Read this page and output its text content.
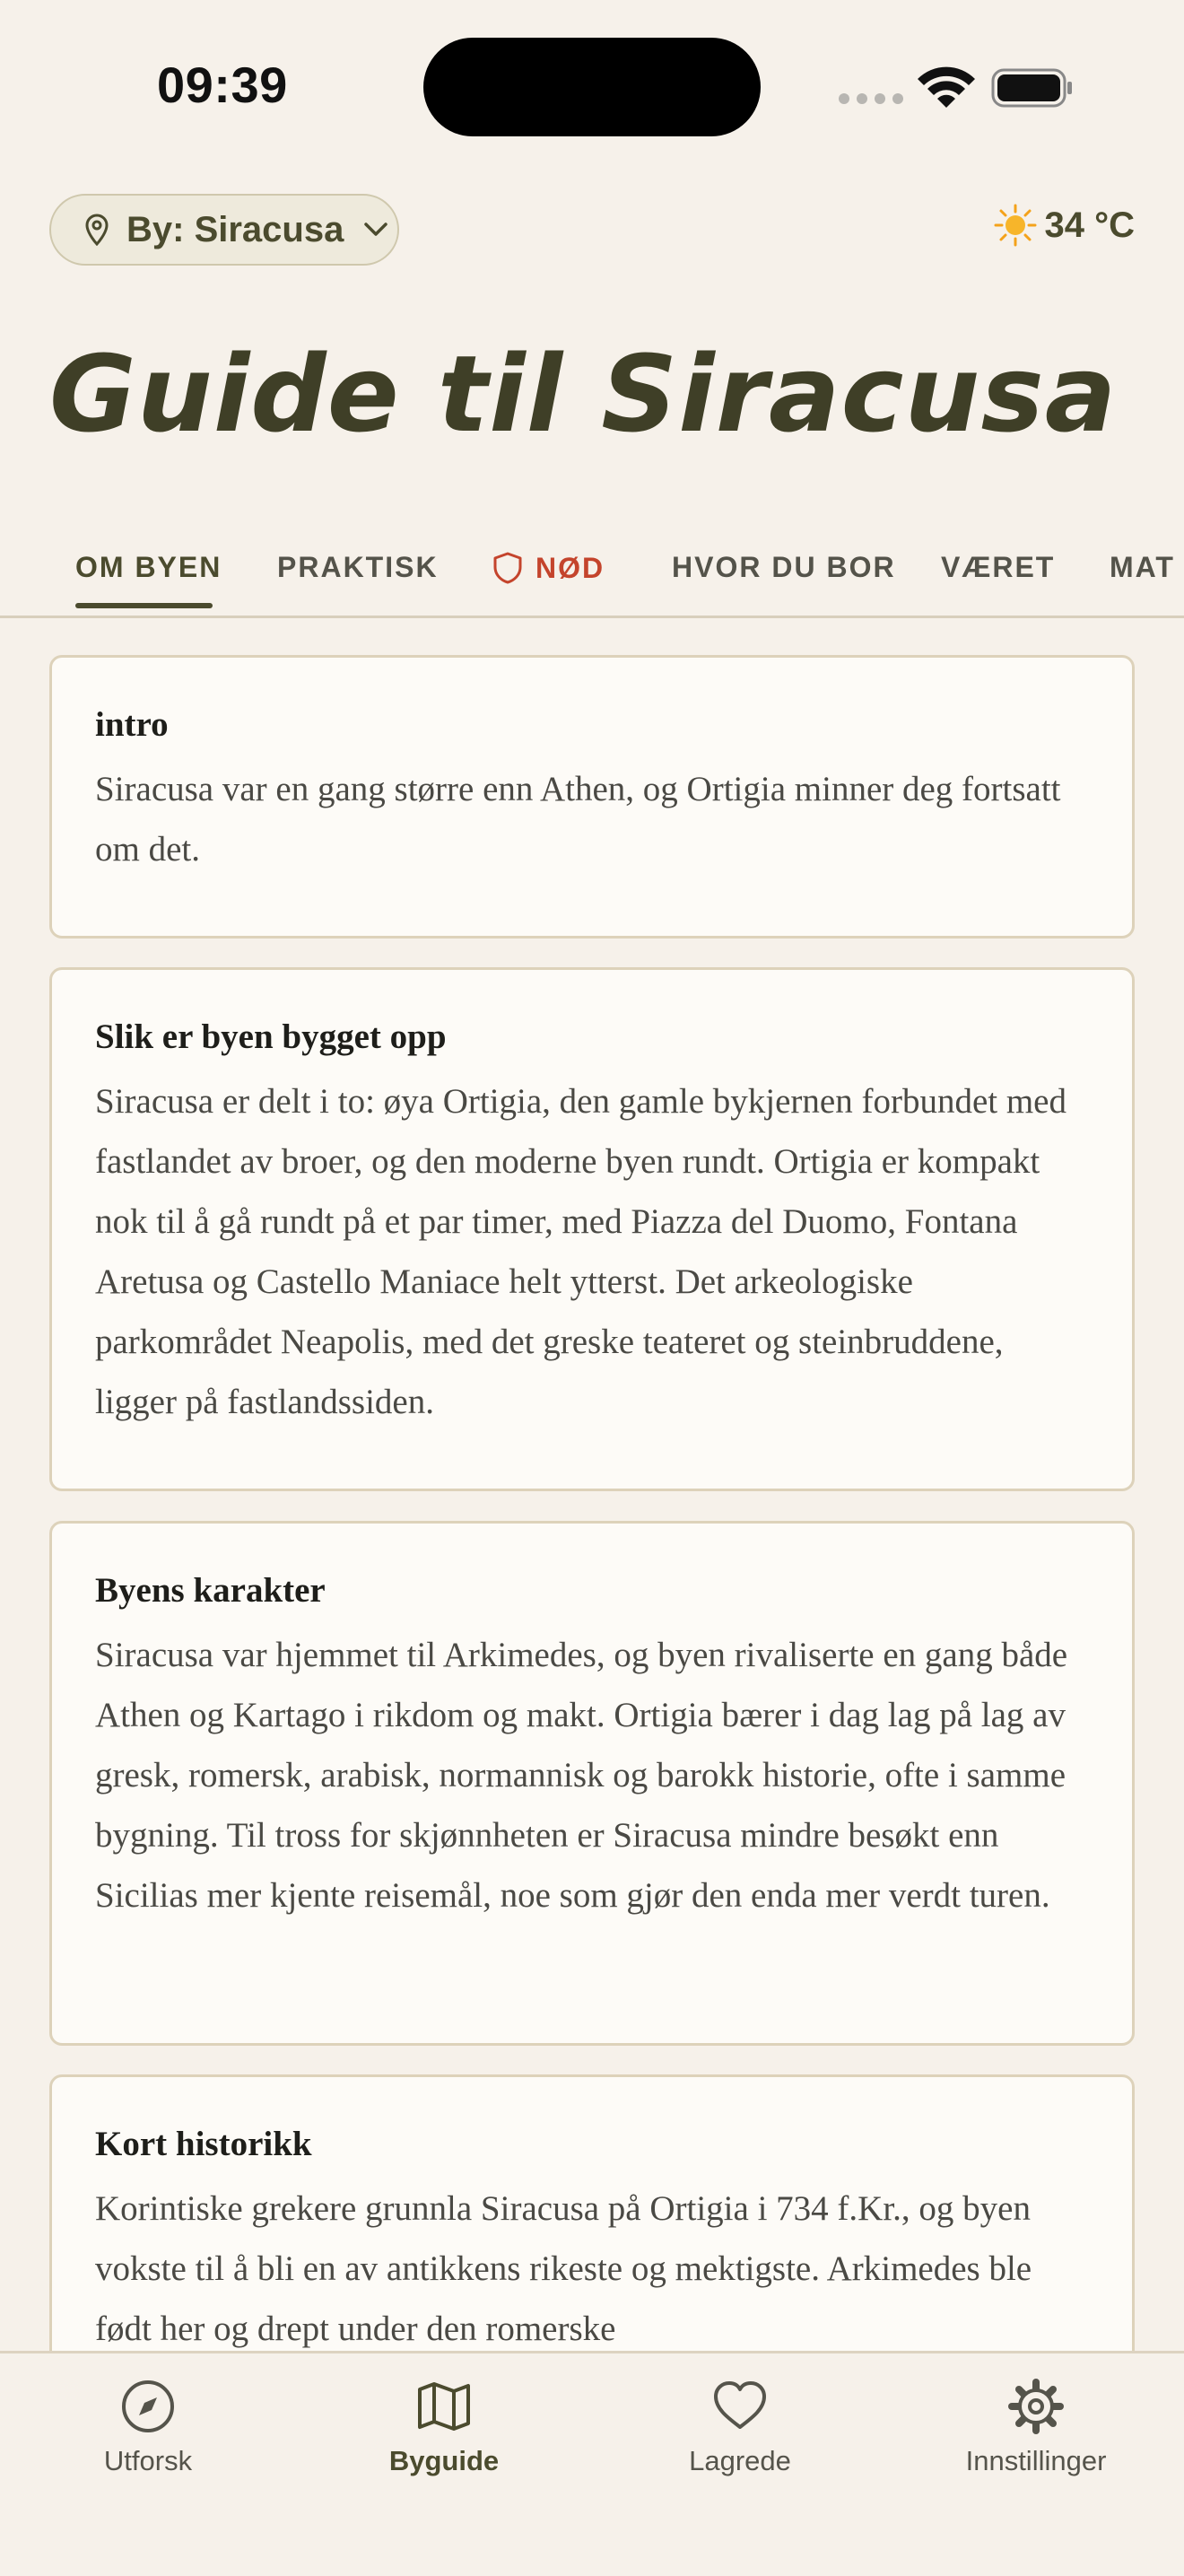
09:39
By: Siracusa	34 °C
Guide til Siracusa
OM BYEN PRAKTISK	NØD HVOR DU BOR VÆRET MAT
intro

Siracusa var en gang større enn Athen, og Ortigia minner deg fortsatt om det.

Slik er byen bygget opp

Siracusa er delt i to: øya Ortigia, den gamle bykjernen forbundet med fastlandet av broer, og den moderne byen rundt. Ortigia er kompakt nok til å gå rundt på et par timer, med Piazza del Duomo, Fontana Aretusa og Castello Maniace helt ytterst. Det arkeologiske parkområdet Neapolis, med det greske teateret og steinbruddene, ligger på fastlandssiden.

Byens karakter

Siracusa var hjemmet til Arkimedes, og byen rivaliserte en gang både Athen og Kartago i rikdom og makt. Ortigia bærer i dag lag på lag av gresk, romersk, arabisk, normannisk og barokk historie, ofte i samme bygning. Til tross for skjønnheten er Siracusa mindre besøkt enn Sicilias mer kjente reisemål, noe som gjør den enda mer verdt turen.

Kort historikk

Korintiske grekere grunnla Siracusa på Ortigia i 734 f.Kr., og byen vokste til å bli en av antikkens rikeste og mektigste. Arkimedes ble født her og drept under den romerske

Utforsk	Byguide	Lagrede	Innstillinger
